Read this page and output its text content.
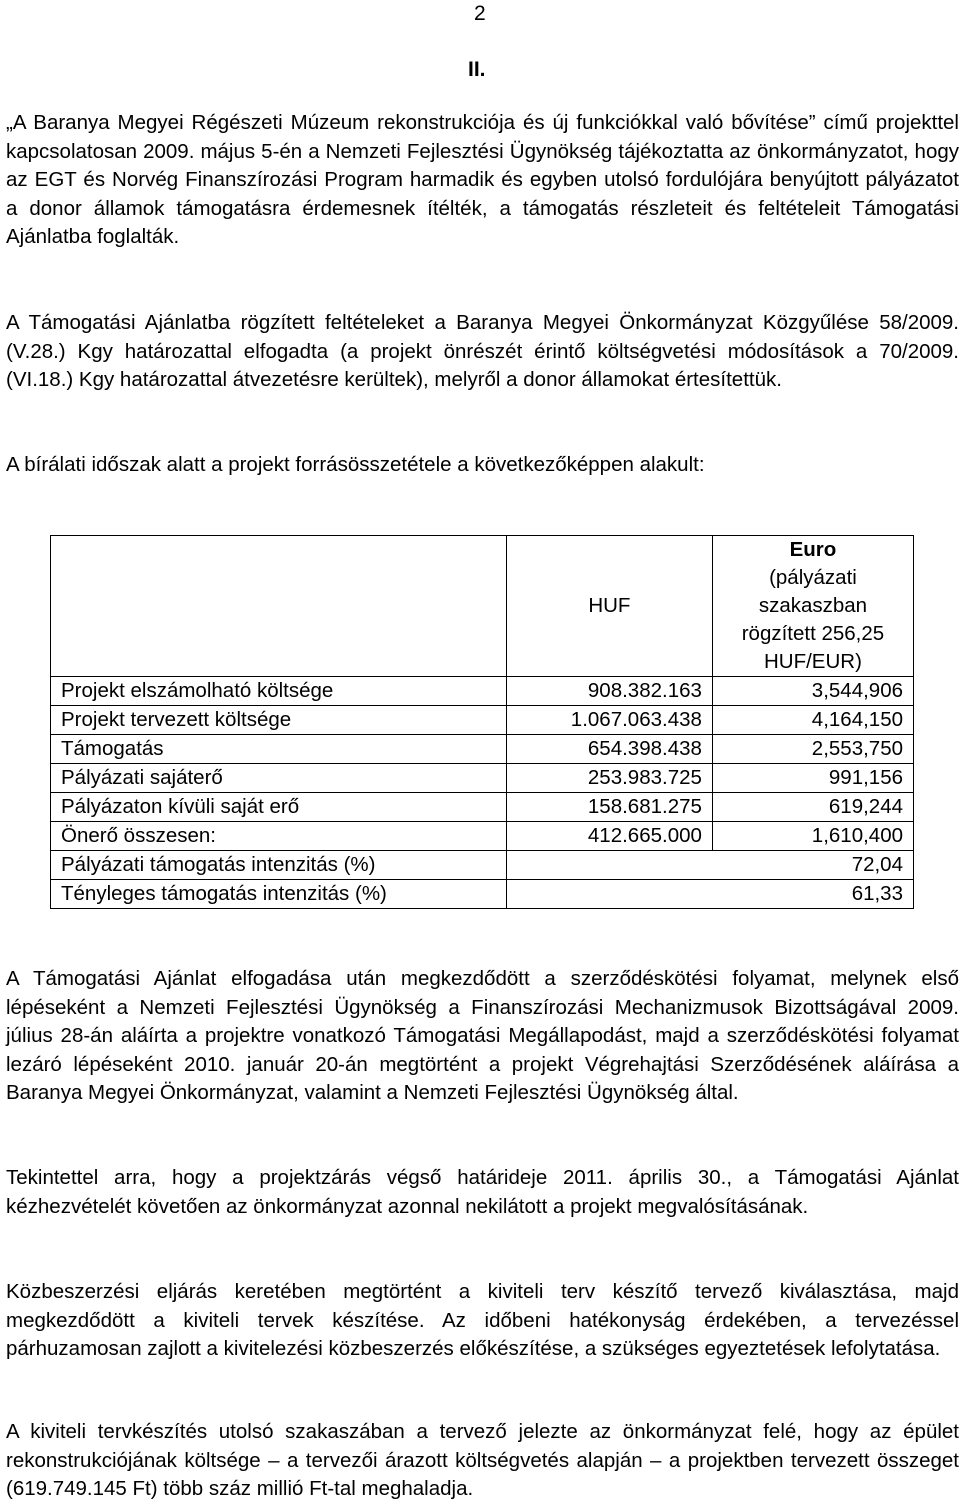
2
II.

„A Baranya Megyei Régészeti Múzeum rekonstrukciója és új funkciókkal való bővítése” című projekttel kapcsolatosan 2009. május 5-én a Nemzeti Fejlesztési Ügynökség tájékoztatta az önkormányzatot, hogy az EGT és Norvég Finanszírozási Program harmadik és egyben utolsó fordulójára benyújtott pályázatot a donor államok támogatásra érdemesnek ítélték, a támogatás részleteit és feltételeit Támogatási Ajánlatba foglalták.

A Támogatási Ajánlatba rögzített feltételeket a Baranya Megyei Önkormányzat Közgyűlése 58/2009. (V.28.) Kgy határozattal elfogadta (a projekt önrészét érintő költségvetési módosítások a 70/2009. (VI.18.) Kgy határozattal átvezetésre kerültek), melyről a donor államokat értesítettük.

A bírálati időszak alatt a projekt forrásösszetétele a következőképpen alakult:

	HUF	Euro
(pályázati
szakaszban
rögzített 256,25
HUF/EUR)

Projekt elszámolható költsége	908.382.163	3,544,906
Projekt tervezett költsége	1.067.063.438	4,164,150
Támogatás	654.398.438	2,553,750
Pályázati sajáterő	253.983.725	991,156
Pályázaton kívüli saját erő	158.681.275	619,244
Önerő összesen:	412.665.000	1,610,400
Pályázati támogatás intenzitás (%)	72,04	
Tényleges támogatás intenzitás (%)	61,33	

A Támogatási Ajánlat elfogadása után megkezdődött a szerződéskötési folyamat, melynek első lépéseként a Nemzeti Fejlesztési Ügynökség a Finanszírozási Mechanizmusok Bizottságával 2009. július 28-án aláírta a projektre vonatkozó Támogatási Megállapodást, majd a szerződéskötési folyamat lezáró lépéseként 2010. január 20-án megtörtént a projekt Végrehajtási Szerződésének aláírása a Baranya Megyei Önkormányzat, valamint a Nemzeti Fejlesztési Ügynökség által.

Tekintettel arra, hogy a projektzárás végső határideje 2011. április 30., a Támogatási Ajánlat kézhezvételét követően az önkormányzat azonnal nekilátott a projekt megvalósításának.

Közbeszerzési eljárás keretében megtörtént a kiviteli terv készítő tervező kiválasztása, majd megkezdődött a kiviteli tervek készítése. Az időbeni hatékonyság érdekében, a tervezéssel párhuzamosan zajlott a kivitelezési közbeszerzés előkészítése, a szükséges egyeztetések lefolytatása.

A kiviteli tervkészítés utolsó szakaszában a tervező jelezte az önkormányzat felé, hogy az épület rekonstrukciójának költsége – a tervezői árazott költségvetés alapján – a projektben tervezett összeget (619.749.145 Ft) több száz millió Ft-tal meghaladja.
